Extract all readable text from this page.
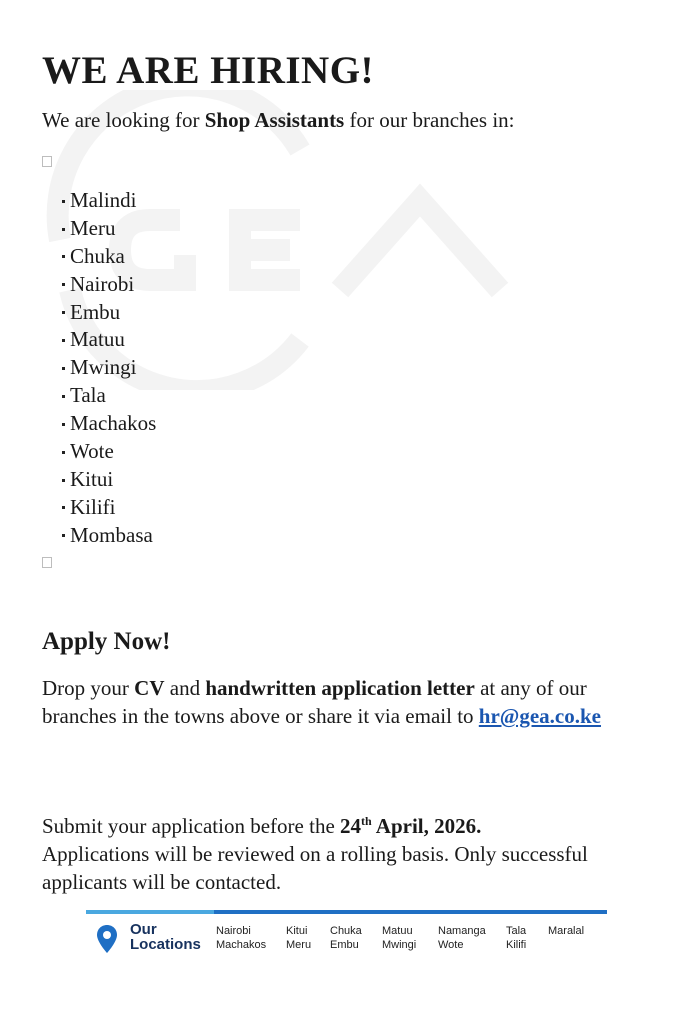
WE ARE HIRING!
We are looking for Shop Assistants for our branches in:
Malindi
Meru
Chuka
Nairobi
Embu
Matuu
Mwingi
Tala
Machakos
Wote
Kitui
Kilifi
Mombasa
Apply Now!
Drop your CV and handwritten application letter at any of our branches in the towns above or share it via email to hr@gea.co.ke
Submit your application before the 24th April, 2026.
Applications will be reviewed on a rolling basis. Only successful applicants will be contacted.
Our
Locations
Nairobi
Machakos

Kitui
Meru

Chuka
Embu

Matuu
Mwingi

Namanga
Wote

Tala
Kilifi

Maralal
